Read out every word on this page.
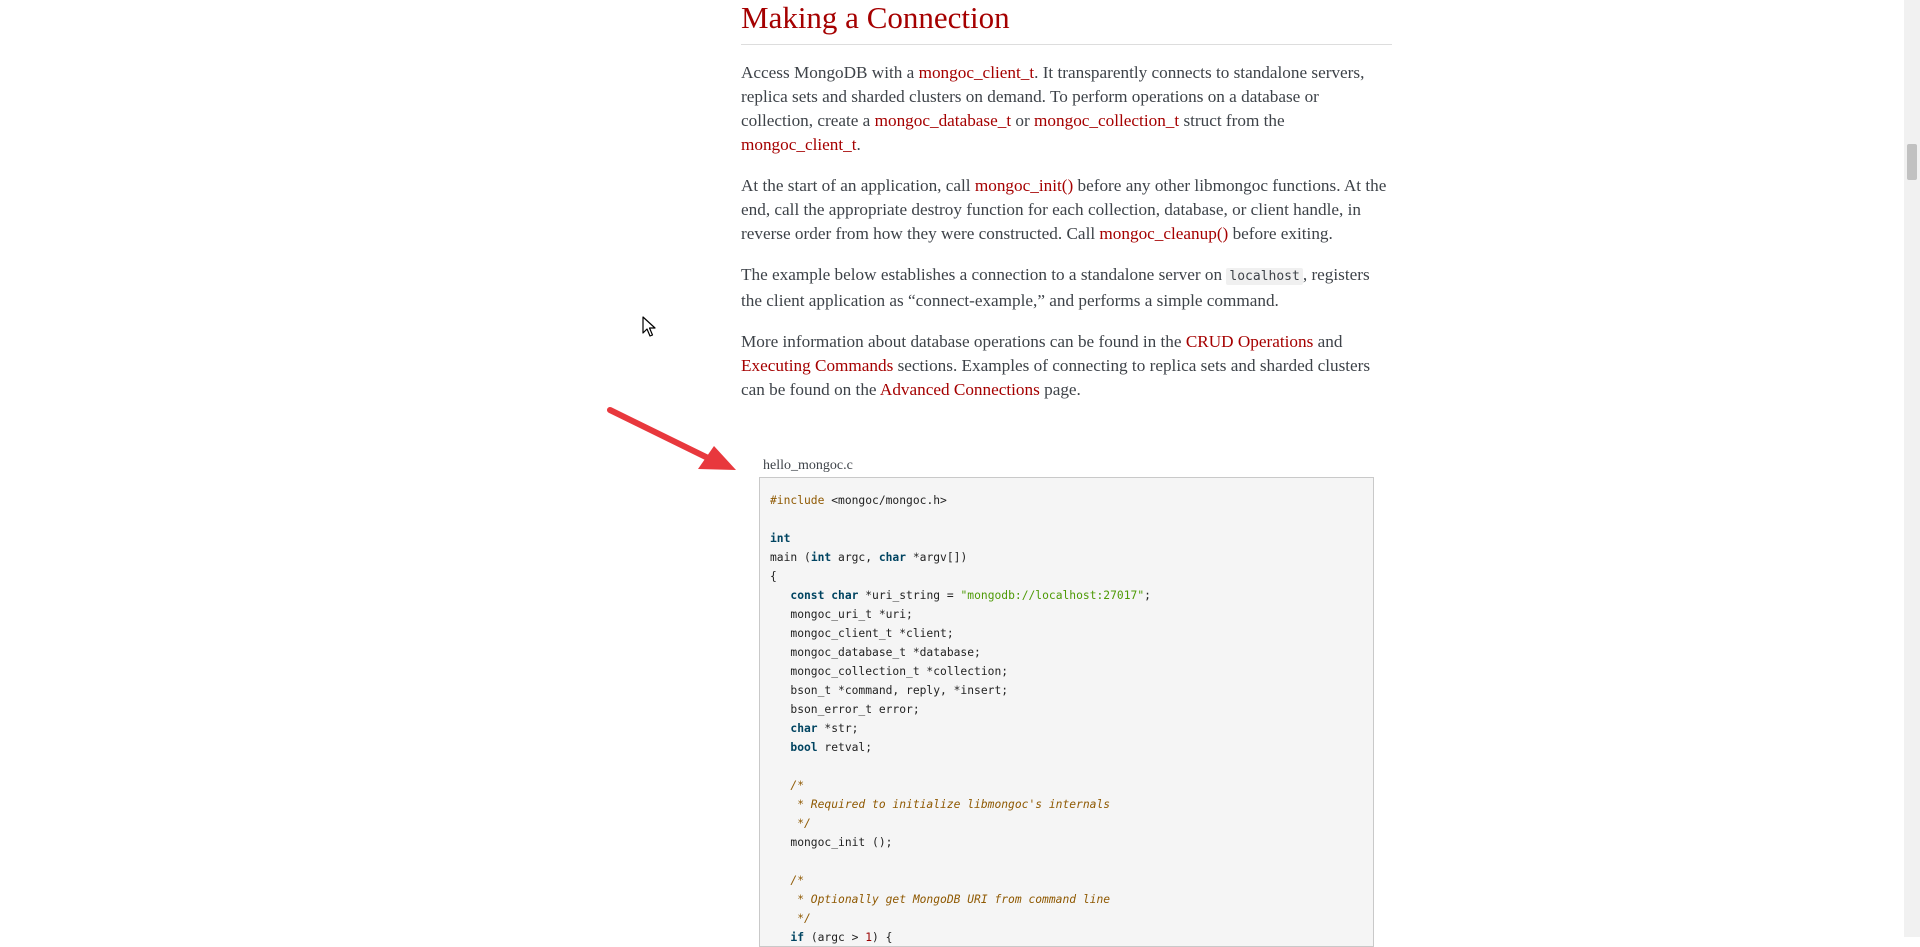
Making a Connection

Access MongoDB with a mongoc_client_t. It transparently connects to standalone servers, replica sets and sharded clusters on demand. To perform operations on a database or collection, create a mongoc_database_t or mongoc_collection_t struct from the mongoc_client_t.

At the start of an application, call mongoc_init() before any other libmongoc functions. At the end, call the appropriate destroy function for each collection, database, or client handle, in reverse order from how they were constructed. Call mongoc_cleanup() before exiting.

The example below establishes a connection to a standalone server on localhost , registers the client application as “connect-example,” and performs a simple command.

More information about database operations can be found in the CRUD Operations and Executing Commands sections. Examples of connecting to replica sets and sharded clusters can be found on the Advanced Connections page.

hello_mongoc.c
#include <mongoc/mongoc.h>

int
main (int argc, char *argv[])
{
const char *uri_string = "mongodb://localhost:27017";
mongoc_uri_t *uri;
mongoc_client_t *client;
mongoc_database_t *database;
mongoc_collection_t *collection;
bson_t *command, reply, *insert;
bson_error_t error;
char *str;
bool retval;

/*
* Required to initialize libmongoc's internals
*/
mongoc_init ();

/*
* Optionally get MongoDB URI from command line
*/
if (argc > 1) {
